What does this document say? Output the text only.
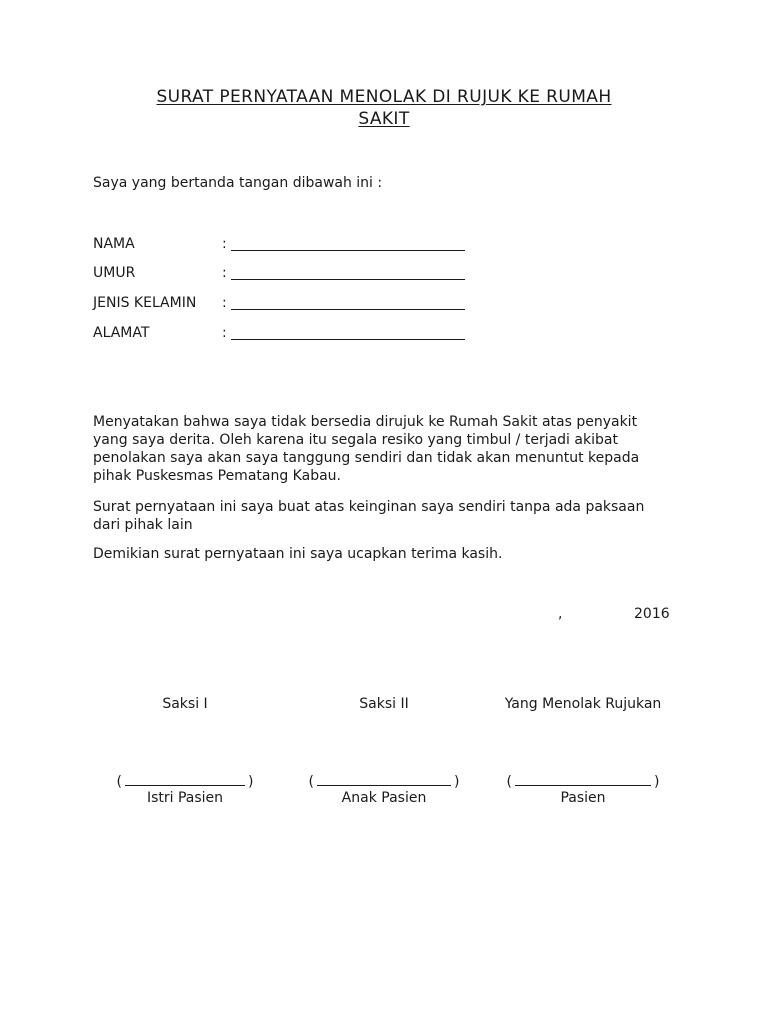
SURAT PERNYATAAN MENOLAK DI RUJUK KE RUMAH
SAKIT
Saya yang bertanda tangan dibawah ini :
NAMA	:
UMUR	:
JENIS KELAMIN :
ALAMAT	:
Menyatakan bahwa saya tidak bersedia dirujuk ke Rumah Sakit atas penyakit yang saya derita. Oleh karena itu segala resiko yang timbul / terjadi akibat penolakan saya akan saya tanggung sendiri dan tidak akan menuntut kepada pihak Puskesmas Pematang Kabau.
Surat pernyataan ini saya buat atas keinginan saya sendiri tanpa ada paksaan dari pihak lain
Demikian surat pernyataan ini saya ucapkan terima kasih.
,	2016
Saksi I
(	)
Istri Pasien
Saksi II
(	)
Anak Pasien
Yang Menolak Rujukan
(	)
Pasien
